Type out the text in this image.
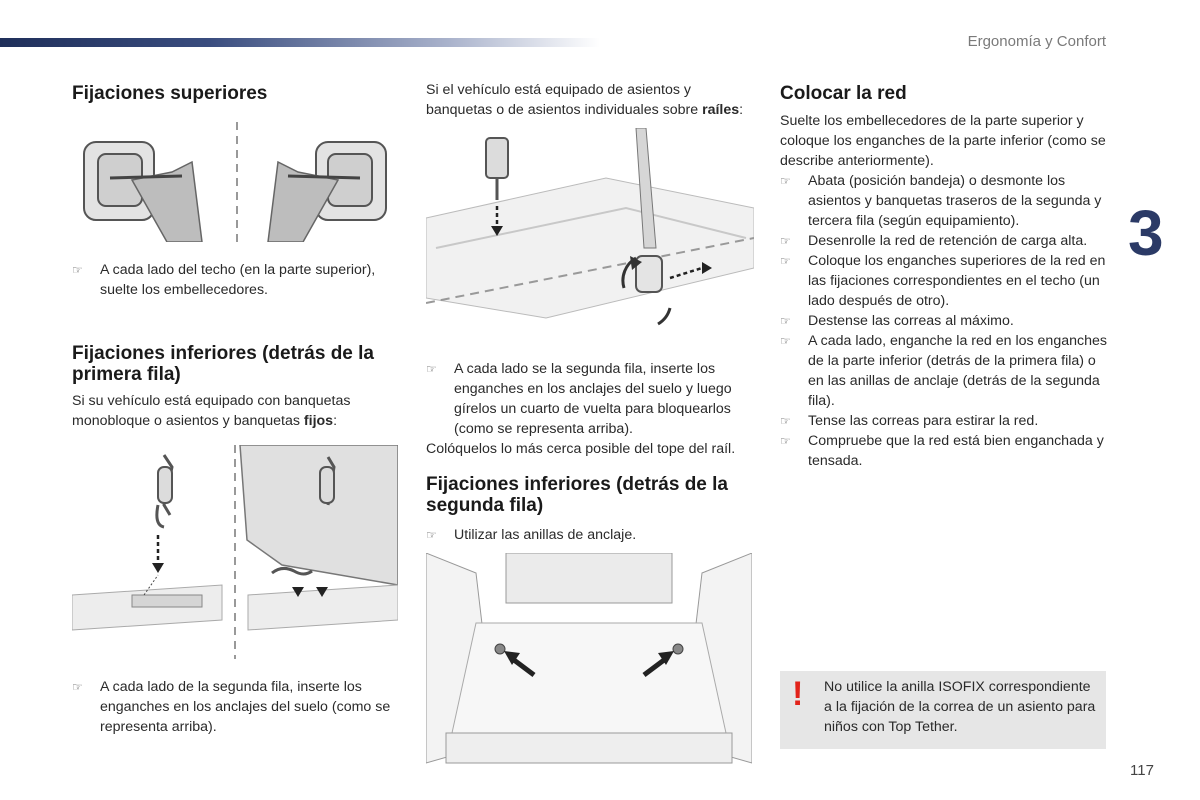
Ergonomía y Confort
3
117
Fijaciones superiores
☞ A cada lado del techo (en la parte superior), suelte los embellecedores.
Fijaciones inferiores (detrás de la primera fila)

Si su vehículo está equipado con banquetas monobloque o asientos y banquetas fijos:

☞ A cada lado de la segunda fila, inserte los enganches en los anclajes del suelo (como se representa arriba).

Si el vehículo está equipado de asientos y banquetas o de asientos individuales sobre raíles:

☞ A cada lado se la segunda fila, inserte los enganches en los anclajes del suelo y luego gírelos un cuarto de vuelta para bloquearlos (como se representa arriba).

Colóquelos lo más cerca posible del tope del raíl.

Fijaciones inferiores (detrás de la segunda fila)
☞ Utilizar las anillas de anclaje.
Colocar la red

Suelte los embellecedores de la parte superior y coloque los enganches de la parte inferior (como se describe anteriormente).

☞ Abata (posición bandeja) o desmonte los asientos y banquetas traseros de la segunda y tercera fila (según equipamiento).
☞ Desenrolle la red de retención de carga alta.
☞ Coloque los enganches superiores de la red en las fijaciones correspondientes en el techo (un lado después de otro).
☞ Destense las correas al máximo.
☞ A cada lado, enganche la red en los enganches de la parte inferior (detrás de la primera fila) o en las anillas de anclaje (detrás de la segunda fila).
☞ Tense las correas para estirar la red.
☞ Compruebe que la red está bien enganchada y tensada.
! No utilice la anilla ISOFIX correspondiente a la fijación de la correa de un asiento para niños con Top Tether.
